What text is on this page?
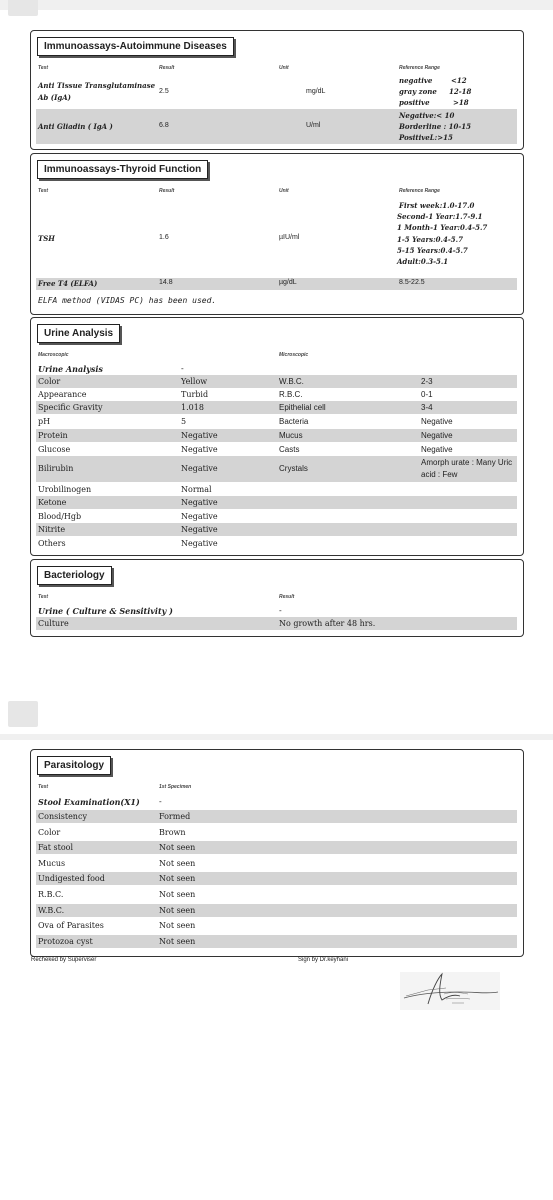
Immunoassays-Autoimmune Diseases
Test	Result	Unit	Reference Range
Anti Tissue Transglutaminase
Ab (IgA)
2.5	mg/dL
negative	<12
gray zone 12-18
positive	>18
Anti Gliadin ( IgA )	6.8	U/ml
Negative:< 10
Borderline : 10-15
PositiveL:>15
Immunoassays-Thyroid Function
Test	Result	Unit	Reference Range
TSH	1.6	µIU/ml
First week:1.0-17.0
Second-1 Year:1.7-9.1
1 Month-1 Year:0.4-5.7
1-5 Years:0.4-5.7
5-15 Years:0.4-5.7
Adult:0.3-5.1
Free T4 (ELFA)	14.8	µg/dL	8.5-22.5
ELFA method (VIDAS PC) has been used.
Urine Analysis
Macroscopic	Microscopic
Urine Analysis	-
Color	Yellow	W.B.C.	2-3
Appearance	Turbid	R.B.C.	0-1
Specific Gravity	1.018	Epithelial cell	3-4
pH	5	Bacteria	Negative
Protein	Negative	Mucus	Negative
Glucose	Negative	Casts	Negative
Bilirubin	Negative	Crystals
Amorph urate : Many Uric
acid : Few
Urobilinogen	Normal
Ketone	Negative
Blood/Hgb	Negative
Nitrite	Negative
Others	Negative
Bacteriology
Test	Result
Urine ( Culture & Sensitivity )	-
Culture	No growth after 48 hrs.
Parasitology
Test	1st Specimen
Stool Examination(X1) -
Consistency	Formed
Color	Brown
Fat stool	Not seen
Mucus	Not seen
Undigested food	Not seen
R.B.C.	Not seen
W.B.C.	Not seen
Ova of Parasites	Not seen
Protozoa cyst	Not seen
Recheked by Superviser	Sign by Dr.keyhani
